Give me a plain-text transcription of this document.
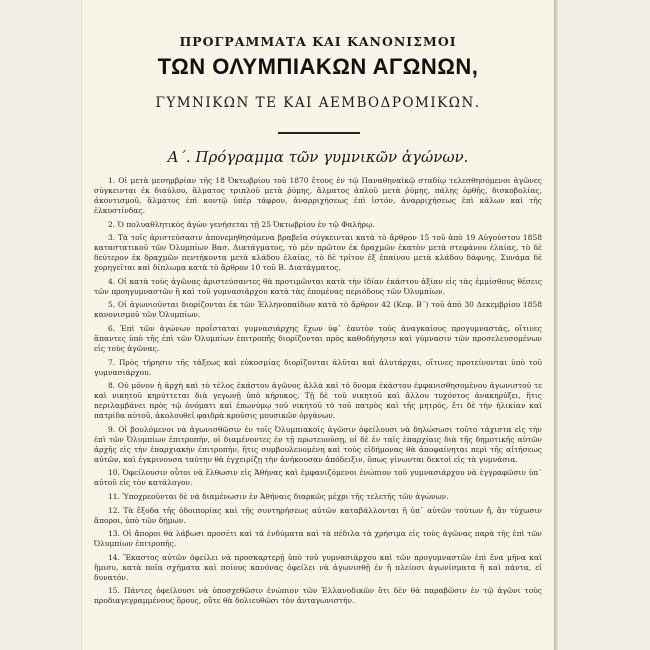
ΠΡΟΓΡΑΜΜΑΤΑ ΚΑΙ ΚΑΝΟΝΙΣΜΟΙ
ΤΩΝ ΟΛΥΜΠΙΑΚΩΝ ΑΓΩΝΩΝ,
ΓΥΜΝΙΚΩΝ ΤΕ ΚΑΙ ΑΕΜΒΟΔΡΟΜΙΚΩΝ.
Α΄. Πρόγραμμα τῶν γυμνικῶν ἀγώνων.

1. Οἱ μετὰ μεσημβρίαν τῆς 18 Ὀκτωβρίου τοῦ 1870 ἔτους ἐν τῷ Παναθηναϊκῷ σταδίῳ τελεσθησόμενοι ἀγῶνες σύγκεινται ἐκ διαύλου, ἅλματος τριπλοῦ μετὰ ῥύμης, ἅλματος ἁπλοῦ μετὰ ῥύμης, πάλης ὀρθῆς, δισκοβολίας, ἀκοντισμοῦ, ἅλματος ἐπὶ κοντῷ ὑπὲρ τάφρον, ἀναρριχήσεως ἐπὶ ἱστόν, ἀναρριχήσεως ἐπὶ κάλων καὶ τῆς ἑλκυστίνδας.

2. Ὁ πολυαθλητικὸς ἀγὼν γενήσεται τῇ 25 Ὀκτωβρίου ἐν τῷ Φαλήρῳ.

3. Τὰ τοῖς ἀριστεύσασιν ἀπονεμηθησόμενα βραβεῖα σύγκεινται κατὰ τὸ ἄρθρον 15 τοῦ ἀπὸ 19 Αὐγούστου 1858 καταστατικοῦ τῶν Ὀλυμπίων Βασ. Διατάγματος, τὸ μὲν πρῶτον ἐκ δραχμῶν ἑκατὸν μετὰ στεφάνου ἐλαίας, τὸ δὲ δεύτερον ἐκ δραχμῶν πεντήκοντα μετὰ κλάδου ἐλαίας, τὸ δὲ τρίτον ἐξ ἐπαίνου μετὰ κλάδου δάφνης. Συνάμα δὲ χορηγεῖται καὶ δίπλωμα κατὰ τὸ ἄρθρον 10 τοῦ Β. Διατάγματος.

4. Οἱ κατὰ τοὺς ἀγῶνας ἀριστεύσαντες θὰ προτιμῶνται κατὰ τὴν ἰδίαν ἑκάστου ἀξίαν εἰς τὰς ἐμμίσθους θέσεις τῶν προηγυμναστῶν ἢ καὶ τοῦ γυμνασιάρχου κατὰ τὰς ἑπομένας περιόδους τῶν Ὀλυμπίων.

5. Οἱ ἀγωνιοῦνται διορίζονται ἐκ τῶν Ἑλληνοπαίδων κατὰ τὸ ἄρθρον 42 (Κεφ. Β΄) τοῦ ἀπὸ 30 Δεκεμβρίου 1858 κανονισμοῦ τῶν Ὀλυμπίων.

6. Ἐπὶ τῶν ἀγώνων προΐσταται γυμνασιάρχης ἔχων ὑφ᾽ ἑαυτὸν τοὺς ἀναγκαίους προγυμναστάς, οἵτινες ἅπαντες ὑπὸ τῆς ἐπὶ τῶν Ὀλυμπίων ἐπιτροπῆς διορίζονται πρὸς καθοδήγησιν καὶ γύμνασιν τῶν προσελευσομένων εἰς τοὺς ἀγῶνας.

7. Πρὸς τήρησιν τῆς τάξεως καὶ εὐκοσμίας διορίζονται ἀλῦται καὶ ἀλυτάρχαι, οἵτινες προτείνονται ὑπὸ τοῦ γυμνασιάρχου.

8. Οὐ μόνον ἡ ἀρχὴ καὶ τὸ τέλος ἑκάστου ἀγῶνος ἀλλὰ καὶ τὸ ὄνομα ἑκάστου ἐμφανισθησομένου ἀγωνιστοῦ τε καὶ νικητοῦ κηρύττεται διὰ γεγωνῇ ὑπὸ κήρυκος. Τῇ δὲ τοῦ νικητοῦ καὶ ἄλλου τυχόντος ἀνακηρύξει, ἥτις περιλαμβάνει πρὸς τῷ ὀνόματι καὶ ἐπωνύμῳ τοῦ νικητοῦ τὸ τοῦ πατρὸς καὶ τῆς μητρός, ἔτι δὲ τὴν ἡλικίαν καὶ πατρίδα αὐτοῦ, ἀκολουθεῖ φαιδρὰ κροῦσις μουσικῶν ὀργάνων.

9. Οἱ βουλόμενοι νὰ ἀγωνισθῶσιν ἐν τοῖς Ὀλυμπιακοῖς ἀγῶσιν ὀφείλουσι νὰ δηλώσωσι τοῦτο τάχιστα εἰς τὴν ἐπὶ τῶν Ὀλυμπίων ἐπιτροπήν, οἱ διαμένοντες ἐν τῇ πρωτευούσῃ, οἱ δὲ ἐν ταῖς ἐπαρχίαις διὰ τῆς δημοτικῆς αὐτῶν ἀρχῆς εἰς τὴν ἐπαρχιακὴν ἐπιτροπήν, ἥτις συμβουλευομένη καὶ τοὺς εἰδήμονας θὰ ἀποφαίνηται περὶ τῆς αἰτήσεως αὐτῶν, καὶ ἐγκρινουσα ταύτην θὰ ἐγχειρίζῃ τὴν ἀνήκουσαν ἀπόδειξιν, ὅπως γίνωνται δεκτοὶ εἰς τὰ γυμνάσια.

10. Ὀφείλουσιν οὗτοι νὰ ἔλθωσιν εἰς Ἀθήνας καὶ ἐμφανιζόμενοι ἐνώπιον τοῦ γυμνασιάρχου νὰ ἐγγραφῶσιν ὑπ᾽ αὐτοῦ εἰς τὸν κατάλογον.

11. Ὑποχρεοῦνται δὲ νὰ διαμένωσιν ἐν Ἀθήναις διαρκῶς μέχρι τῆς τελετῆς τῶν ἀγώνων.

12. Τὰ ἔξοδα τῆς ὁδοιπορίας καὶ τῆς συντηρήσεως αὐτῶν καταβάλλονται ἢ ὑπ᾽ αὐτῶν τούτων ἤ, ἂν τύχωσιν ἄποροι, ὑπὸ τῶν δήμων.

13. Οἱ ἄποροι θὰ λάβωσι προσέτι καὶ τὰ ἐνδύματα καὶ τὰ πέδιλα τὰ χρήσιμα εἰς τοὺς ἀγῶνας παρὰ τῆς ἐπὶ τῶν Ὀλυμπίων ἐπιτροπῆς.

14. Ἕκαστος αὐτῶν ὀφείλει νὰ προσκαρτερῇ ὑπὸ τοῦ γυμνασιάρχου καὶ τῶν προγυμναστῶν ἐπὶ ἕνα μῆνα καὶ ἥμισυ, κατὰ ποῖα σχήματα καὶ ποίους κανόνας ὀφείλει νὰ ἀγωνισθῇ ἐν ἢ πλείοσι ἀγωνίσματα ἢ καὶ πάντα, εἰ δυνατόν.

15. Πάντες ὀφείλουσι νὰ ὑποσχεθῶσιν ἐνώπιον τῶν Ἑλλανοδικῶν ὅτι δὲν θὰ παραβῶσιν ἐν τῷ ἀγῶνι τοὺς προδιαγεγραμμένους ὅρους, οὔτε θὰ δολιευθῶσι τὸν ἀνταγωνιστήν.
